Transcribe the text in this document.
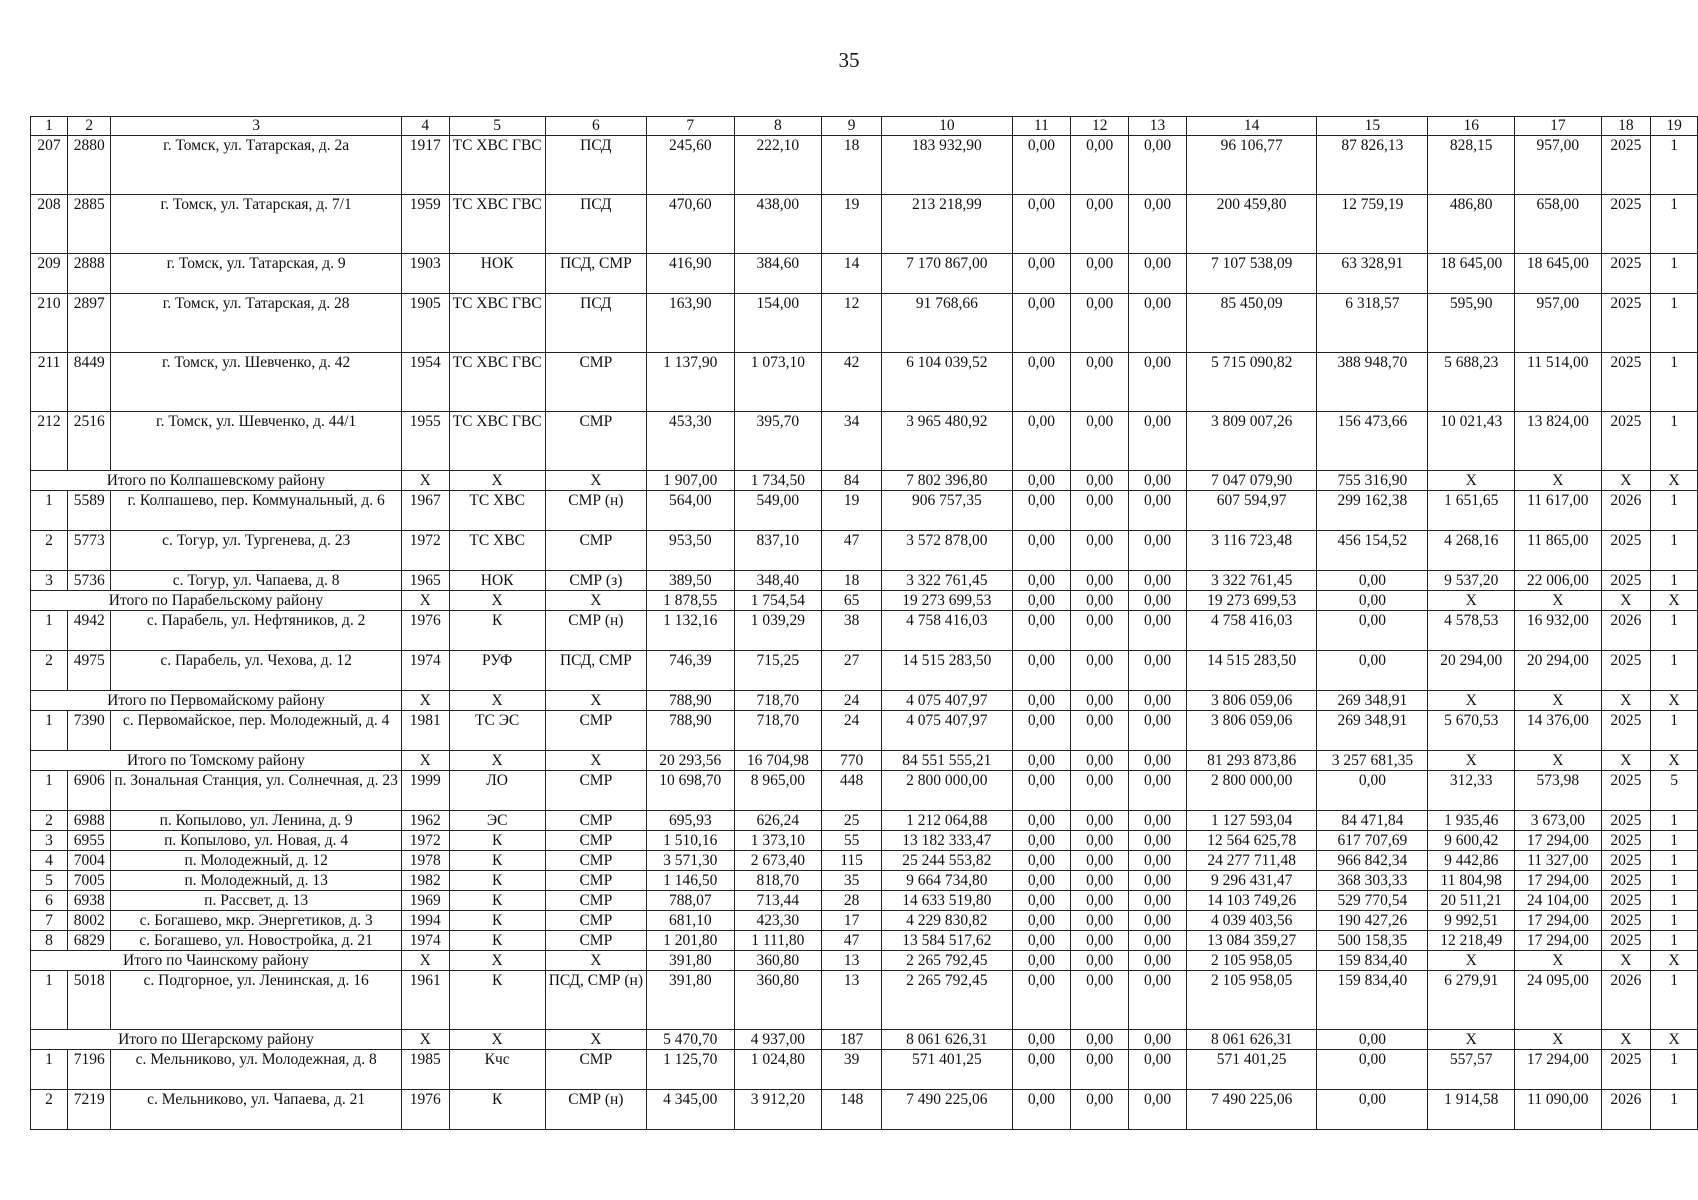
35
1	2	3	4	5	6	7	8	9	10	11	12	13	14	15	16	17	18	19
207	2880	г. Томск, ул. Татарская, д. 2а	1917	ТС ХВС ГВС	ПСД	245,60	222,10	18	183 932,90	0,00	0,00	0,00	96 106,77	87 826,13	828,15	957,00	2025	1
208	2885	г. Томск, ул. Татарская, д. 7/1	1959	ТС ХВС ГВС	ПСД	470,60	438,00	19	213 218,99	0,00	0,00	0,00	200 459,80	12 759,19	486,80	658,00	2025	1
209	2888	г. Томск, ул. Татарская, д. 9	1903	НОК	ПСД, СМР	416,90	384,60	14	7 170 867,00	0,00	0,00	0,00	7 107 538,09	63 328,91	18 645,00	18 645,00	2025	1
210	2897	г. Томск, ул. Татарская, д. 28	1905	ТС ХВС ГВС	ПСД	163,90	154,00	12	91 768,66	0,00	0,00	0,00	85 450,09	6 318,57	595,90	957,00	2025	1
211	8449	г. Томск, ул. Шевченко, д. 42	1954	ТС ХВС ГВС	СМР	1 137,90	1 073,10	42	6 104 039,52	0,00	0,00	0,00	5 715 090,82	388 948,70	5 688,23	11 514,00	2025	1
212	2516	г. Томск, ул. Шевченко, д. 44/1	1955	ТС ХВС ГВС	СМР	453,30	395,70	34	3 965 480,92	0,00	0,00	0,00	3 809 007,26	156 473,66	10 021,43	13 824,00	2025	1
Итого по Колпашевскому району			Х	Х	Х	1 907,00	1 734,50	84	7 802 396,80	0,00	0,00	0,00	7 047 079,90	755 316,90	Х	Х	Х	Х
1	5589	г. Колпашево, пер. Коммунальный, д. 6	1967	ТС ХВС	СМР (н)	564,00	549,00	19	906 757,35	0,00	0,00	0,00	607 594,97	299 162,38	1 651,65	11 617,00	2026	1
2	5773	с. Тогур, ул. Тургенева, д. 23	1972	ТС ХВС	СМР	953,50	837,10	47	3 572 878,00	0,00	0,00	0,00	3 116 723,48	456 154,52	4 268,16	11 865,00	2025	1
3	5736	с. Тогур, ул. Чапаева, д. 8	1965	НОК	СМР (з)	389,50	348,40	18	3 322 761,45	0,00	0,00	0,00	3 322 761,45	0,00	9 537,20	22 006,00	2025	1
Итого по Парабельскому району			Х	Х	Х	1 878,55	1 754,54	65	19 273 699,53	0,00	0,00	0,00	19 273 699,53	0,00	Х	Х	Х	Х
1	4942	с. Парабель, ул. Нефтяников, д. 2	1976	К	СМР (н)	1 132,16	1 039,29	38	4 758 416,03	0,00	0,00	0,00	4 758 416,03	0,00	4 578,53	16 932,00	2026	1
2	4975	с. Парабель, ул. Чехова, д. 12	1974	РУФ	ПСД, СМР	746,39	715,25	27	14 515 283,50	0,00	0,00	0,00	14 515 283,50	0,00	20 294,00	20 294,00	2025	1
Итого по Первомайскому району			Х	Х	Х	788,90	718,70	24	4 075 407,97	0,00	0,00	0,00	3 806 059,06	269 348,91	Х	Х	Х	Х
1	7390	с. Первомайское, пер. Молодежный, д. 4	1981	ТС ЭС	СМР	788,90	718,70	24	4 075 407,97	0,00	0,00	0,00	3 806 059,06	269 348,91	5 670,53	14 376,00	2025	1
Итого по Томскому району			Х	Х	Х	20 293,56	16 704,98	770	84 551 555,21	0,00	0,00	0,00	81 293 873,86	3 257 681,35	Х	Х	Х	Х
1	6906	п. Зональная Станция, ул. Солнечная, д. 23	1999	ЛО	СМР	10 698,70	8 965,00	448	2 800 000,00	0,00	0,00	0,00	2 800 000,00	0,00	312,33	573,98	2025	5
2	6988	п. Копылово, ул. Ленина, д. 9	1962	ЭС	СМР	695,93	626,24	25	1 212 064,88	0,00	0,00	0,00	1 127 593,04	84 471,84	1 935,46	3 673,00	2025	1
3	6955	п. Копылово, ул. Новая, д. 4	1972	К	СМР	1 510,16	1 373,10	55	13 182 333,47	0,00	0,00	0,00	12 564 625,78	617 707,69	9 600,42	17 294,00	2025	1
4	7004	п. Молодежный, д. 12	1978	К	СМР	3 571,30	2 673,40	115	25 244 553,82	0,00	0,00	0,00	24 277 711,48	966 842,34	9 442,86	11 327,00	2025	1
5	7005	п. Молодежный, д. 13	1982	К	СМР	1 146,50	818,70	35	9 664 734,80	0,00	0,00	0,00	9 296 431,47	368 303,33	11 804,98	17 294,00	2025	1
6	6938	п. Рассвет, д. 13	1969	К	СМР	788,07	713,44	28	14 633 519,80	0,00	0,00	0,00	14 103 749,26	529 770,54	20 511,21	24 104,00	2025	1
7	8002	с. Богашево, мкр. Энергетиков, д. 3	1994	К	СМР	681,10	423,30	17	4 229 830,82	0,00	0,00	0,00	4 039 403,56	190 427,26	9 992,51	17 294,00	2025	1
8	6829	с. Богашево, ул. Новостройка, д. 21	1974	К	СМР	1 201,80	1 111,80	47	13 584 517,62	0,00	0,00	0,00	13 084 359,27	500 158,35	12 218,49	17 294,00	2025	1
Итого по Чаинскому району			Х	Х	Х	391,80	360,80	13	2 265 792,45	0,00	0,00	0,00	2 105 958,05	159 834,40	Х	Х	Х	Х
1	5018	с. Подгорное, ул. Ленинская, д. 16	1961	К	ПСД, СМР (н)	391,80	360,80	13	2 265 792,45	0,00	0,00	0,00	2 105 958,05	159 834,40	6 279,91	24 095,00	2026	1
Итого по Шегарскому району			Х	Х	Х	5 470,70	4 937,00	187	8 061 626,31	0,00	0,00	0,00	8 061 626,31	0,00	Х	Х	Х	Х
1	7196	с. Мельниково, ул. Молодежная, д. 8	1985	Кчс	СМР	1 125,70	1 024,80	39	571 401,25	0,00	0,00	0,00	571 401,25	0,00	557,57	17 294,00	2025	1
2	7219	с. Мельниково, ул. Чапаева, д. 21	1976	К	СМР (н)	4 345,00	3 912,20	148	7 490 225,06	0,00	0,00	0,00	7 490 225,06	0,00	1 914,58	11 090,00	2026	1
